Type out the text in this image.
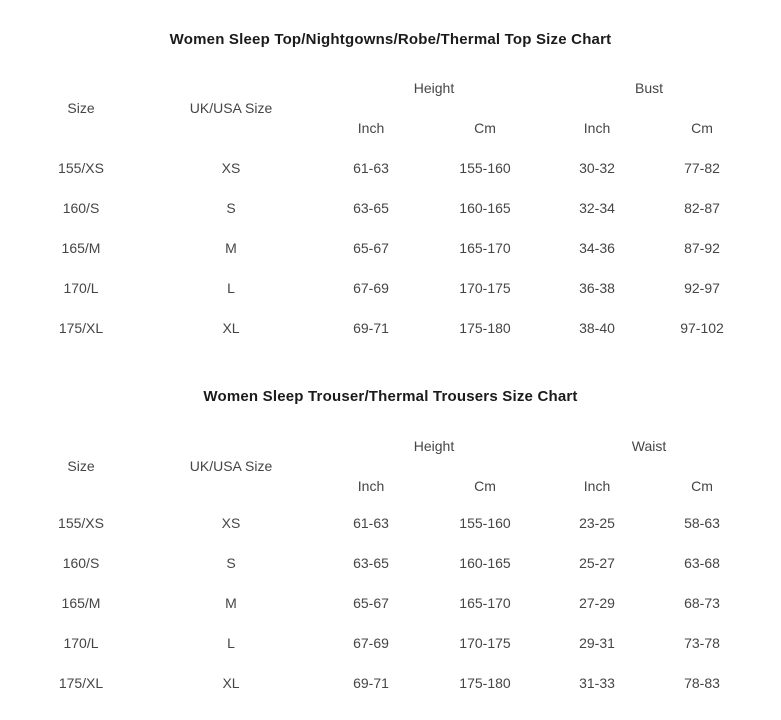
Women Sleep Top/Nightgowns/Robe/Thermal Top Size Chart
Size	UK/USA Size
Height	Bust
Inch	Cm	Inch	Cm
155/XS	XS	61-63	155-160	30-32	77-82
160/S	S	63-65	160-165	32-34	82-87
165/M	M	65-67	165-170	34-36	87-92
170/L	L	67-69	170-175	36-38	92-97
175/XL	XL	69-71	175-180	38-40	97-102
Women Sleep Trouser/Thermal Trousers Size Chart
Size	UK/USA Size
Height	Waist
Inch	Cm	Inch	Cm
155/XS	XS	61-63	155-160	23-25	58-63
160/S	S	63-65	160-165	25-27	63-68
165/M	M	65-67	165-170	27-29	68-73
170/L	L	67-69	170-175	29-31	73-78
175/XL	XL	69-71	175-180	31-33	78-83
